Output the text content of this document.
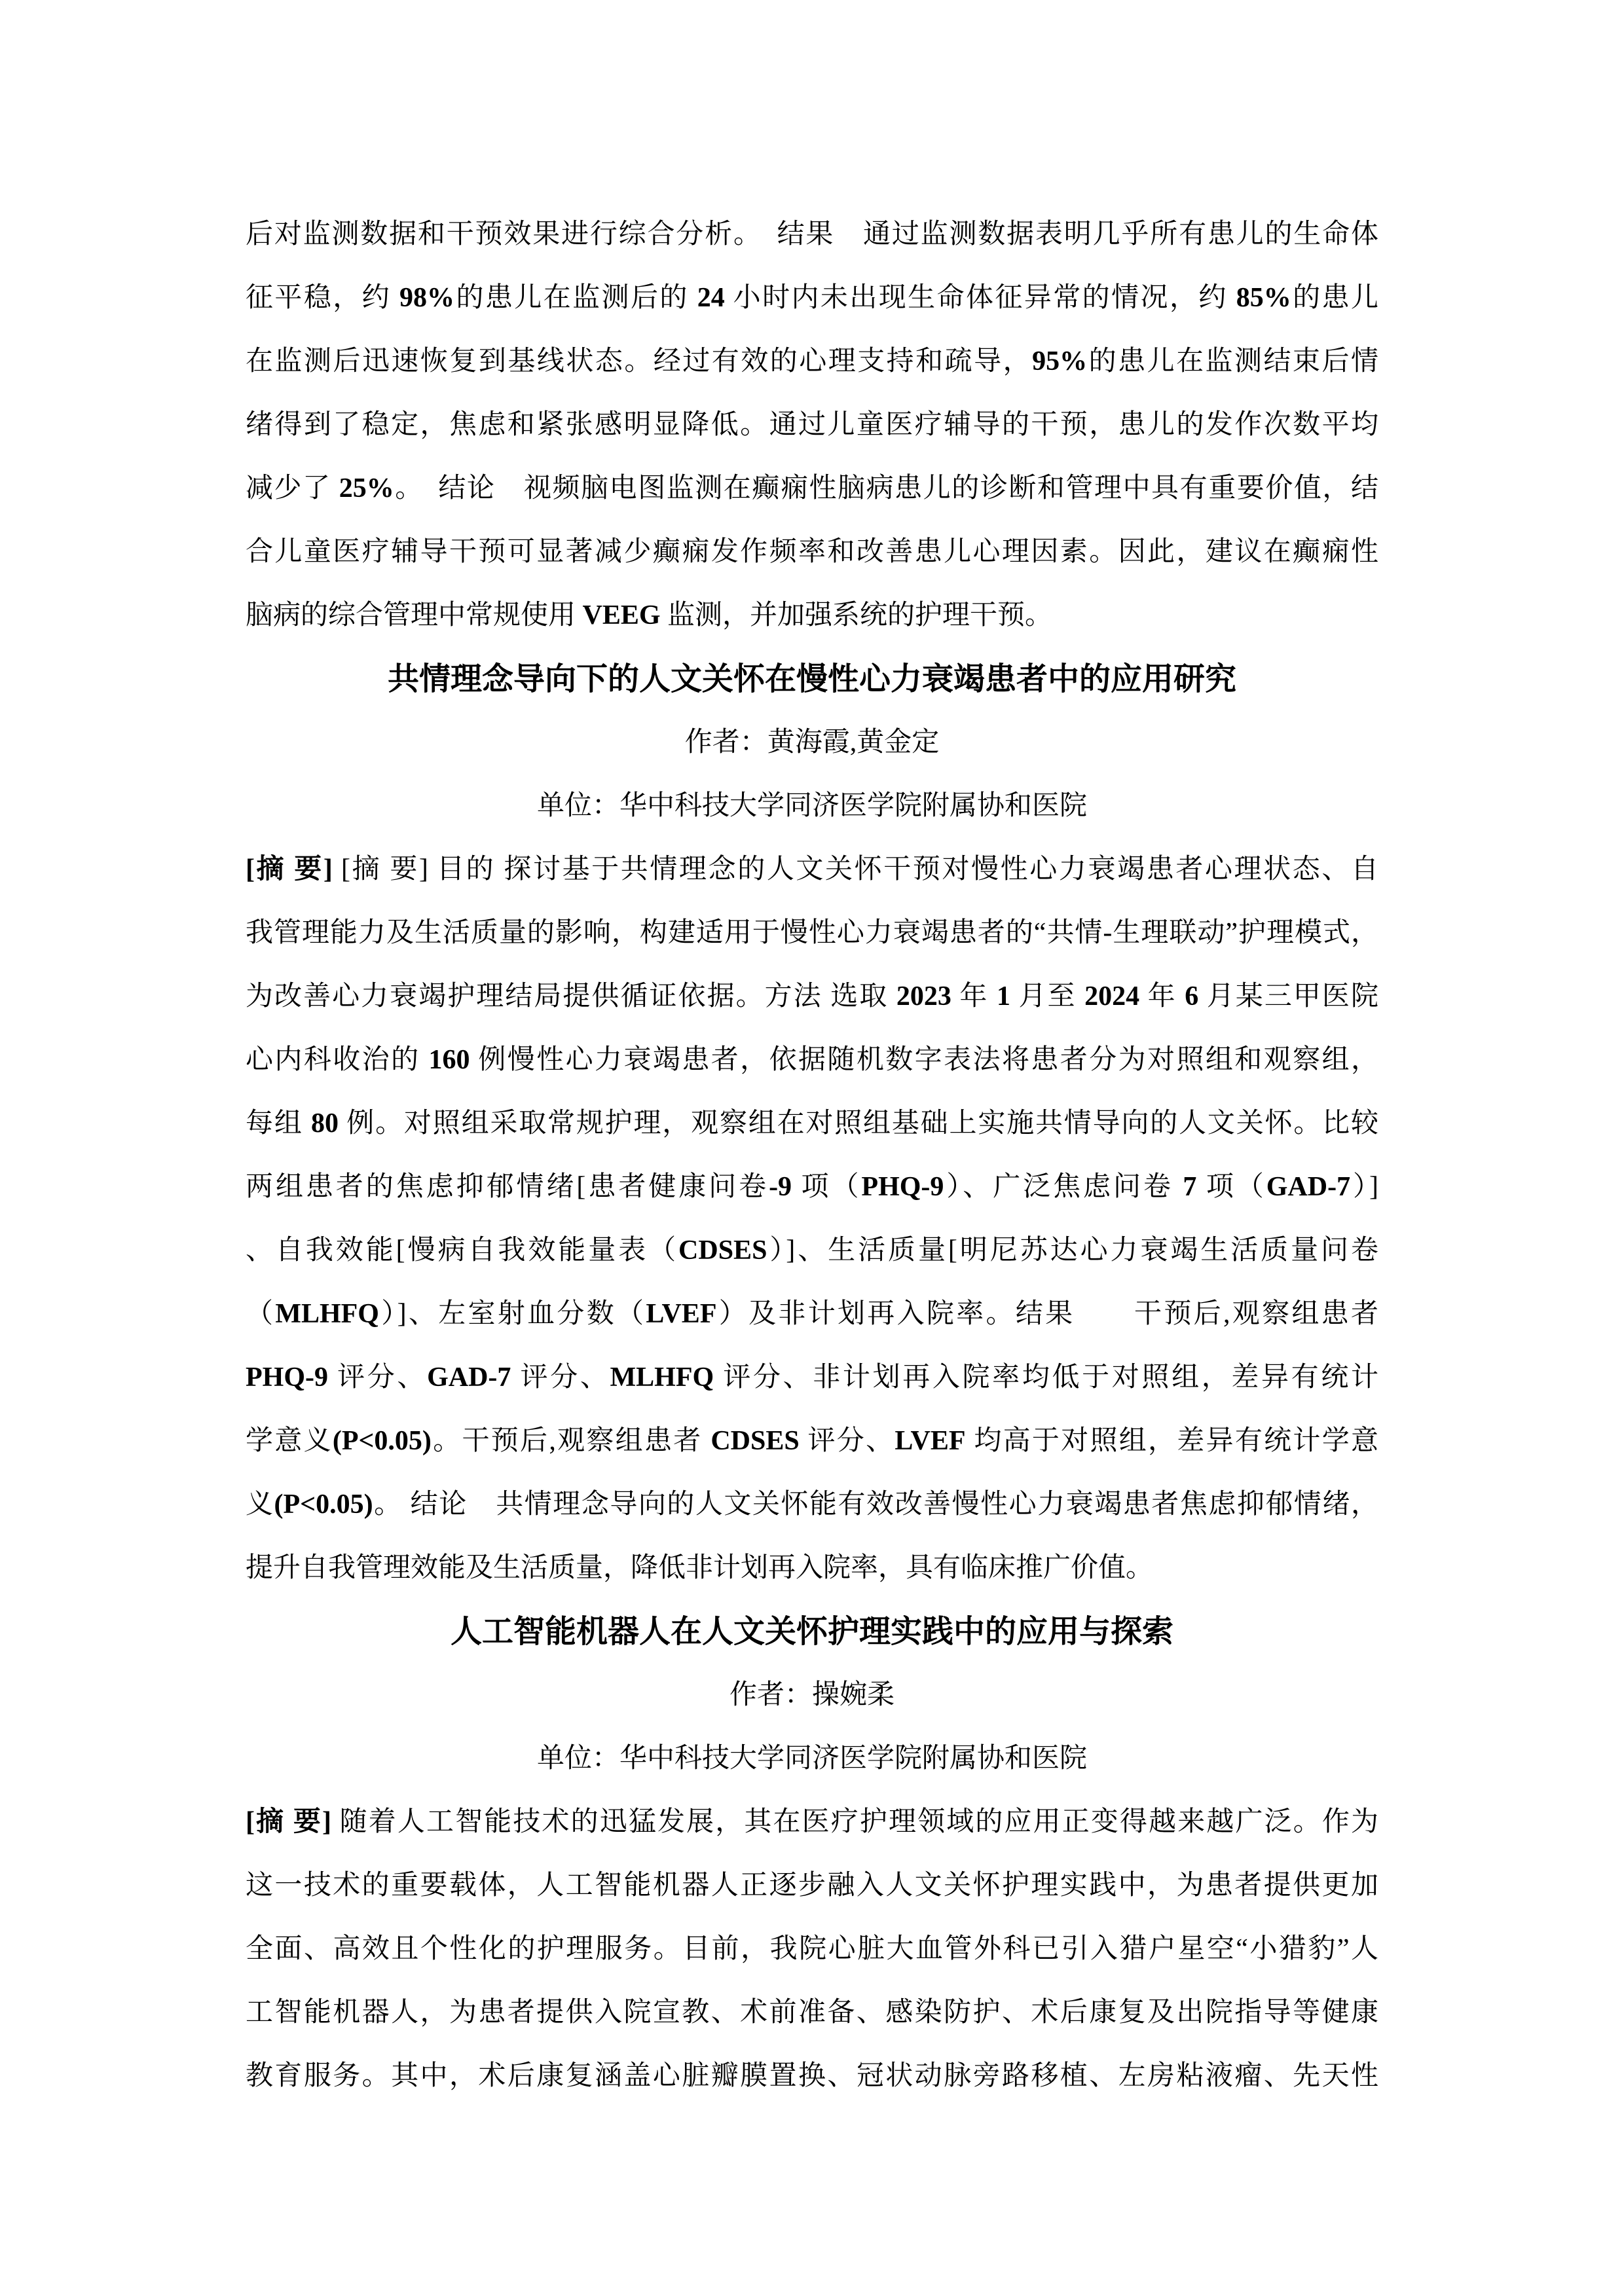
后对监测数据和干预效果进行综合分析。　结果　通过监测数据表明几乎所有患儿的生命体
征平稳，约 98%的患儿在监测后的 24 小时内未出现生命体征异常的情况，约 85%的患儿
在监测后迅速恢复到基线状态。经过有效的心理支持和疏导，95%的患儿在监测结束后情
绪得到了稳定，焦虑和紧张感明显降低。通过儿童医疗辅导的干预，患儿的发作次数平均
减少了 25%。　结论　视频脑电图监测在癫痫性脑病患儿的诊断和管理中具有重要价值，结
合儿童医疗辅导干预可显著减少癫痫发作频率和改善患儿心理因素。因此，建议在癫痫性
脑病的综合管理中常规使用 VEEG 监测，并加强系统的护理干预。
共情理念导向下的人文关怀在慢性心力衰竭患者中的应用研究
作者：黄海霞,黄金定
单位：华中科技大学同济医学院附属协和医院
[摘 要] [摘 要] 目的 探讨基于共情理念的人文关怀干预对慢性心力衰竭患者心理状态、自
我管理能力及生活质量的影响，构建适用于慢性心力衰竭患者的“共情-生理联动”护理模式，
为改善心力衰竭护理结局提供循证依据。方法 选取 2023 年 1 月至 2024 年 6 月某三甲医院
心内科收治的 160 例慢性心力衰竭患者，依据随机数字表法将患者分为对照组和观察组，
每组 80 例。对照组采取常规护理，观察组在对照组基础上实施共情导向的人文关怀。比较
两组患者的焦虑抑郁情绪[患者健康问卷-9 项（PHQ-9）、广泛焦虑问卷 7 项（GAD-7）]
、自我效能[慢病自我效能量表（CDSES）]、生活质量[明尼苏达心力衰竭生活质量问卷
（MLHFQ）]、左室射血分数（LVEF）及非计划再入院率。结果　　干预后,观察组患者
PHQ-9 评分、GAD-7 评分、MLHFQ 评分、非计划再入院率均低于对照组，差异有统计
学意义(P<0.05)。干预后,观察组患者 CDSES 评分、LVEF 均高于对照组，差异有统计学意
义(P<0.05)。 结论　共情理念导向的人文关怀能有效改善慢性心力衰竭患者焦虑抑郁情绪，
提升自我管理效能及生活质量，降低非计划再入院率，具有临床推广价值。
人工智能机器人在人文关怀护理实践中的应用与探索
作者：操婉柔
单位：华中科技大学同济医学院附属协和医院
[摘 要] 随着人工智能技术的迅猛发展，其在医疗护理领域的应用正变得越来越广泛。作为
这一技术的重要载体，人工智能机器人正逐步融入人文关怀护理实践中，为患者提供更加
全面、高效且个性化的护理服务。目前，我院心脏大血管外科已引入猎户星空“小猎豹”人
工智能机器人，为患者提供入院宣教、术前准备、感染防护、术后康复及出院指导等健康
教育服务。其中，术后康复涵盖心脏瓣膜置换、冠状动脉旁路移植、左房粘液瘤、先天性
